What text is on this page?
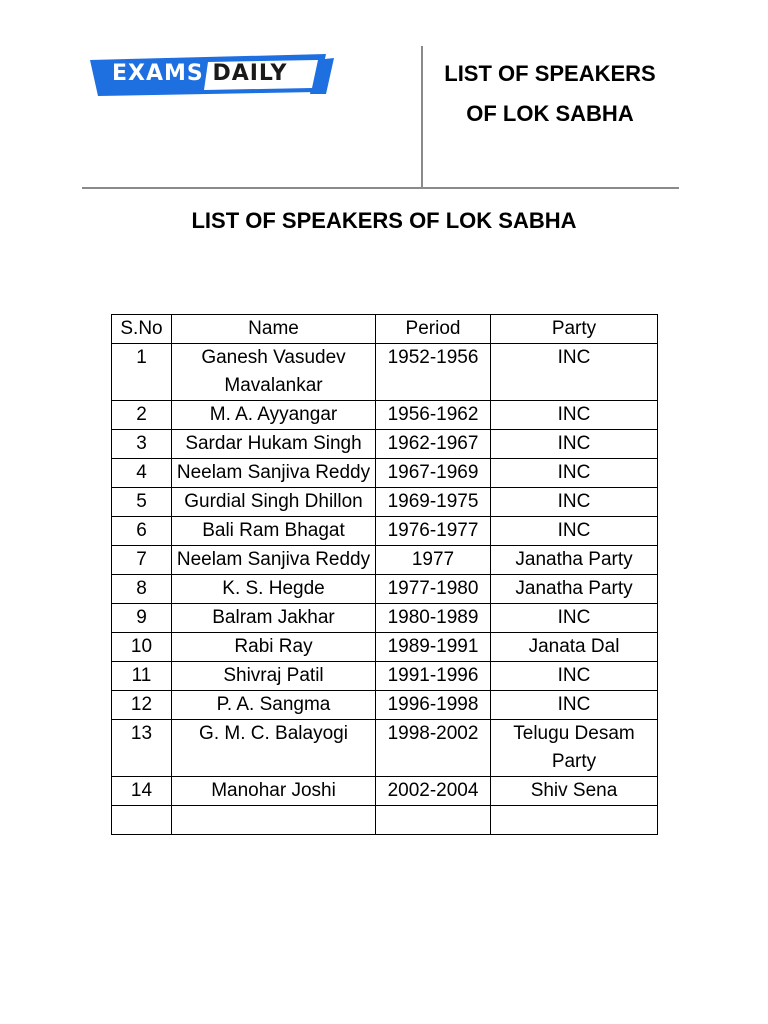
EXAMS DAILY	LIST OF SPEAKERS
OF LOK SABHA
LIST OF SPEAKERS OF LOK SABHA
S.No	Name	Period	Party
1	Ganesh Vasudev Mavalankar	1952-1956	INC
2	M. A. Ayyangar	1956-1962	INC
3	Sardar Hukam Singh	1962-1967	INC
4	Neelam Sanjiva Reddy	1967-1969	INC
5	Gurdial Singh Dhillon	1969-1975	INC
6	Bali Ram Bhagat	1976-1977	INC
7	Neelam Sanjiva Reddy	1977	Janatha Party
8	K. S. Hegde	1977-1980	Janatha Party
9	Balram Jakhar	1980-1989	INC
10	Rabi Ray	1989-1991	Janata Dal
11	Shivraj Patil	1991-1996	INC
12	P. A. Sangma	1996-1998	INC
13	G. M. C. Balayogi	1998-2002	Telugu Desam Party
14	Manohar Joshi	2002-2004	Shiv Sena
